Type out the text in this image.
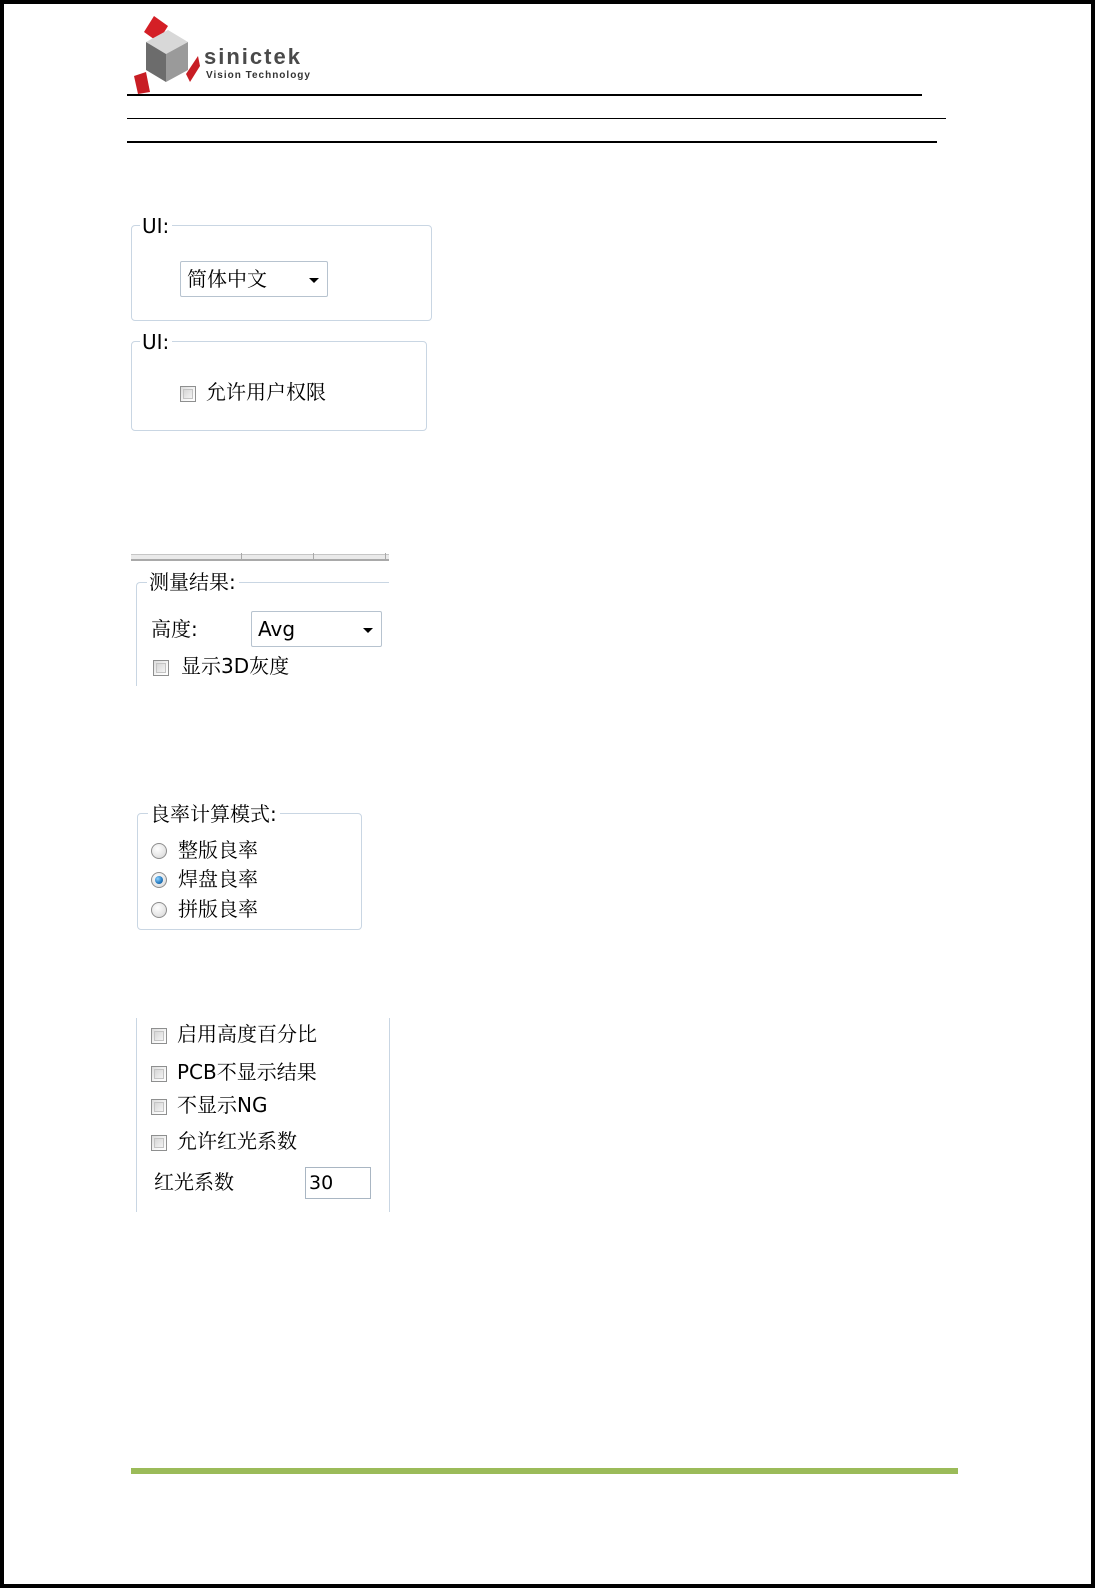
sinictek
Vision Technology
UI:
简体中文
UI:
允许用户权限
测量结果:
高度:	Avg
显示3D灰度
良率计算模式:
整版良率
焊盘良率
拼版良率
启用高度百分比
PCB不显示结果
不显示NG
允许红光系数
红光系数	30
